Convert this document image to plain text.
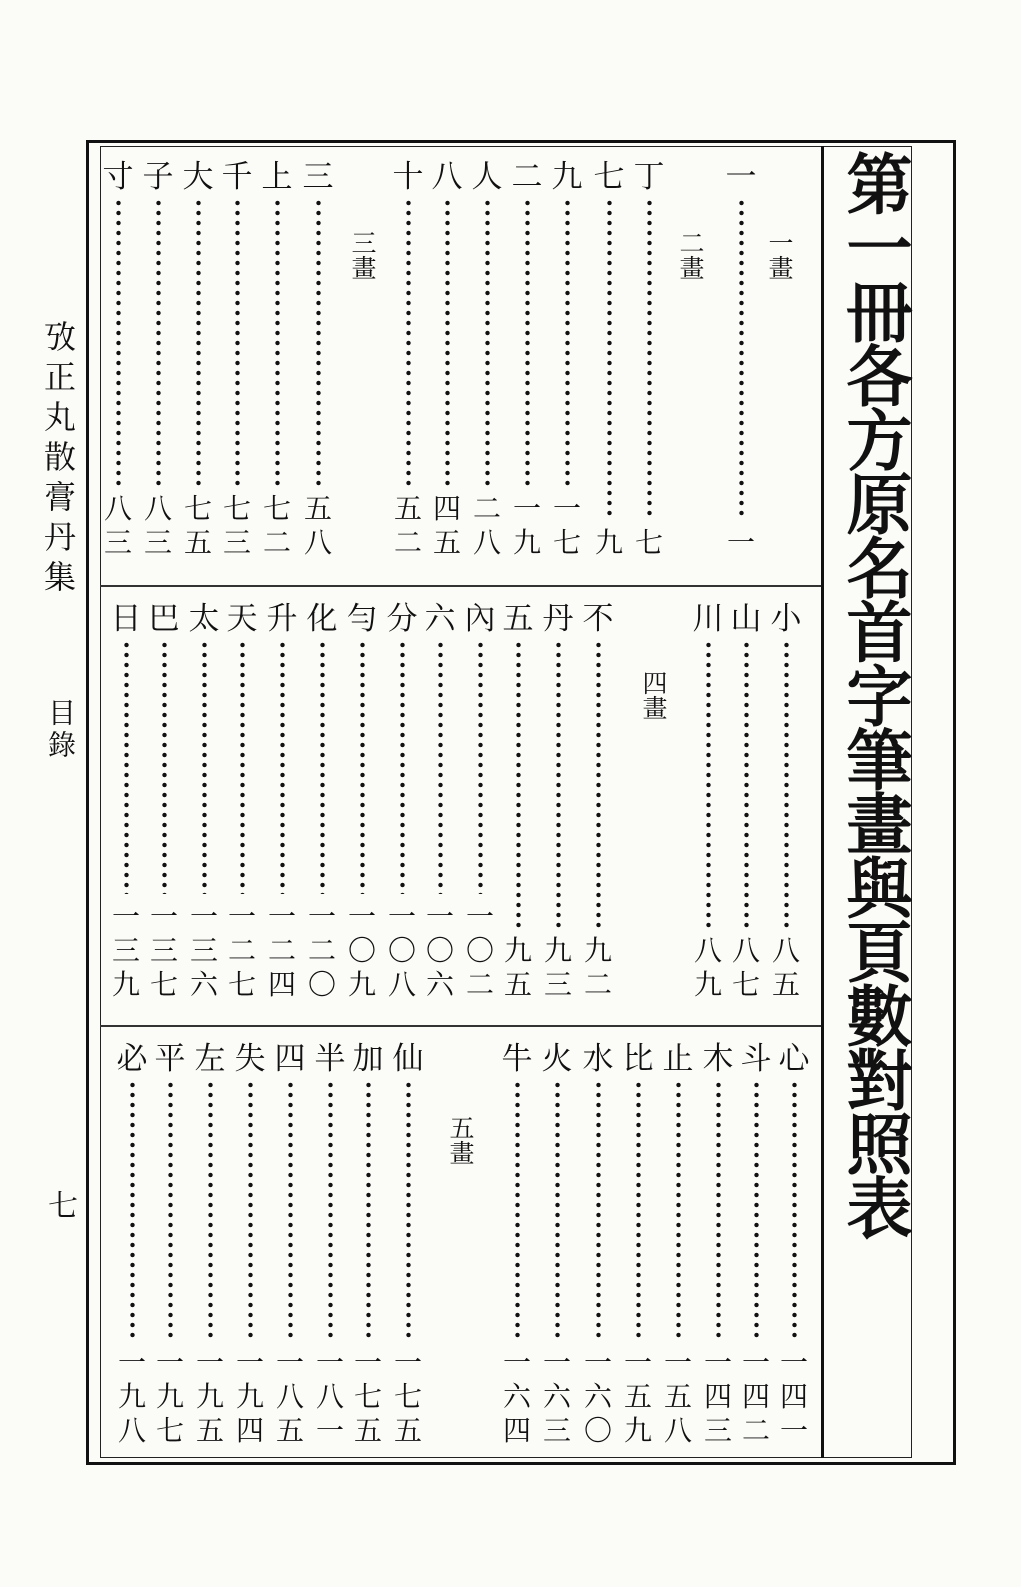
攷正丸散膏丹集
目錄
七	第一冊各方原名首字筆畫與頁數對照表
一畫
二畫
三畫
四畫
五畫
一
一
丁
七
七
九
九
一
七
二
一
九
人
二
八
八
四
五
十
五
二
三
五
八
上
七
二
千
七
三
大
七
五
子
八
三
寸
八
三
小
八
五
山
八
七
川
八
九
不
九
二
丹
九
三
五
九
五
內
一
〇
二
六
一
〇
六
分
一
〇
八
勻
一
〇
九
化
一
二
〇
升
一
二
四
天
一
二
七
太
一
三
六
巴
一
三
七
日
一
三
九
心
一
四
一
斗
一
四
二
木
一
四
三
止
一
五
八
比
一
五
九
水
一
六
〇
火
一
六
三
牛
一
六
四
仙
一
七
五
加
一
七
五
半
一
八
一
四
一
八
五
失
一
九
四
左
一
九
五
平
一
九
七
必
一
九
八
